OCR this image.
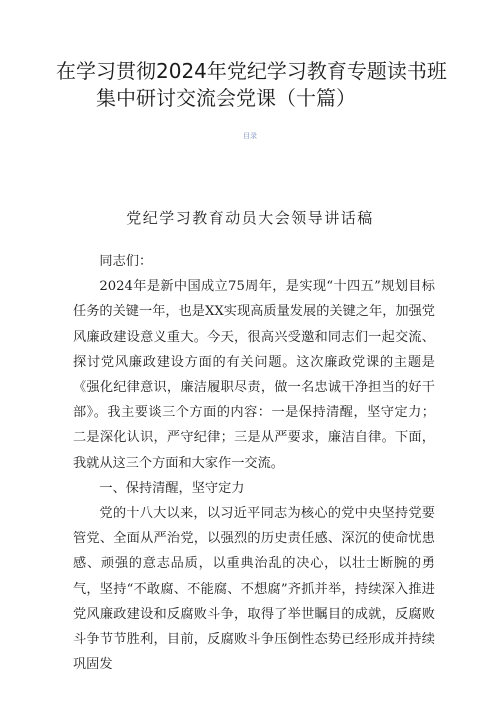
在学习贯彻2024年党纪学习教育专题读书班
集中研讨交流会党课（十篇）
目录
党纪学习教育动员大会领导讲话稿

同志们：

2024年是新中国成立75周年，是实现“十四五”规划目标任务的关键一年，也是XX实现高质量发展的关键之年，加强党风廉政建设意义重大。今天，很高兴受邀和同志们一起交流、探讨党风廉政建设方面的有关问题。这次廉政党课的主题是《强化纪律意识，廉洁履职尽责，做一名忠诚干净担当的好干部》。我主要谈三个方面的内容：一是保持清醒，坚守定力；二是深化认识，严守纪律；三是从严要求，廉洁自律。下面，我就从这三个方面和大家作一交流。

一、保持清醒，坚守定力

党的十八大以来，以习近平同志为核心的党中央坚持党要管党、全面从严治党，以强烈的历史责任感、深沉的使命忧患感、顽强的意志品质，以重典治乱的决心，以壮士断腕的勇气，坚持“不敢腐、不能腐、不想腐”齐抓并举，持续深入推进党风廉政建设和反腐败斗争，取得了举世瞩目的成就，反腐败斗争节节胜利，目前，反腐败斗争压倒性态势已经形成并持续巩固发
